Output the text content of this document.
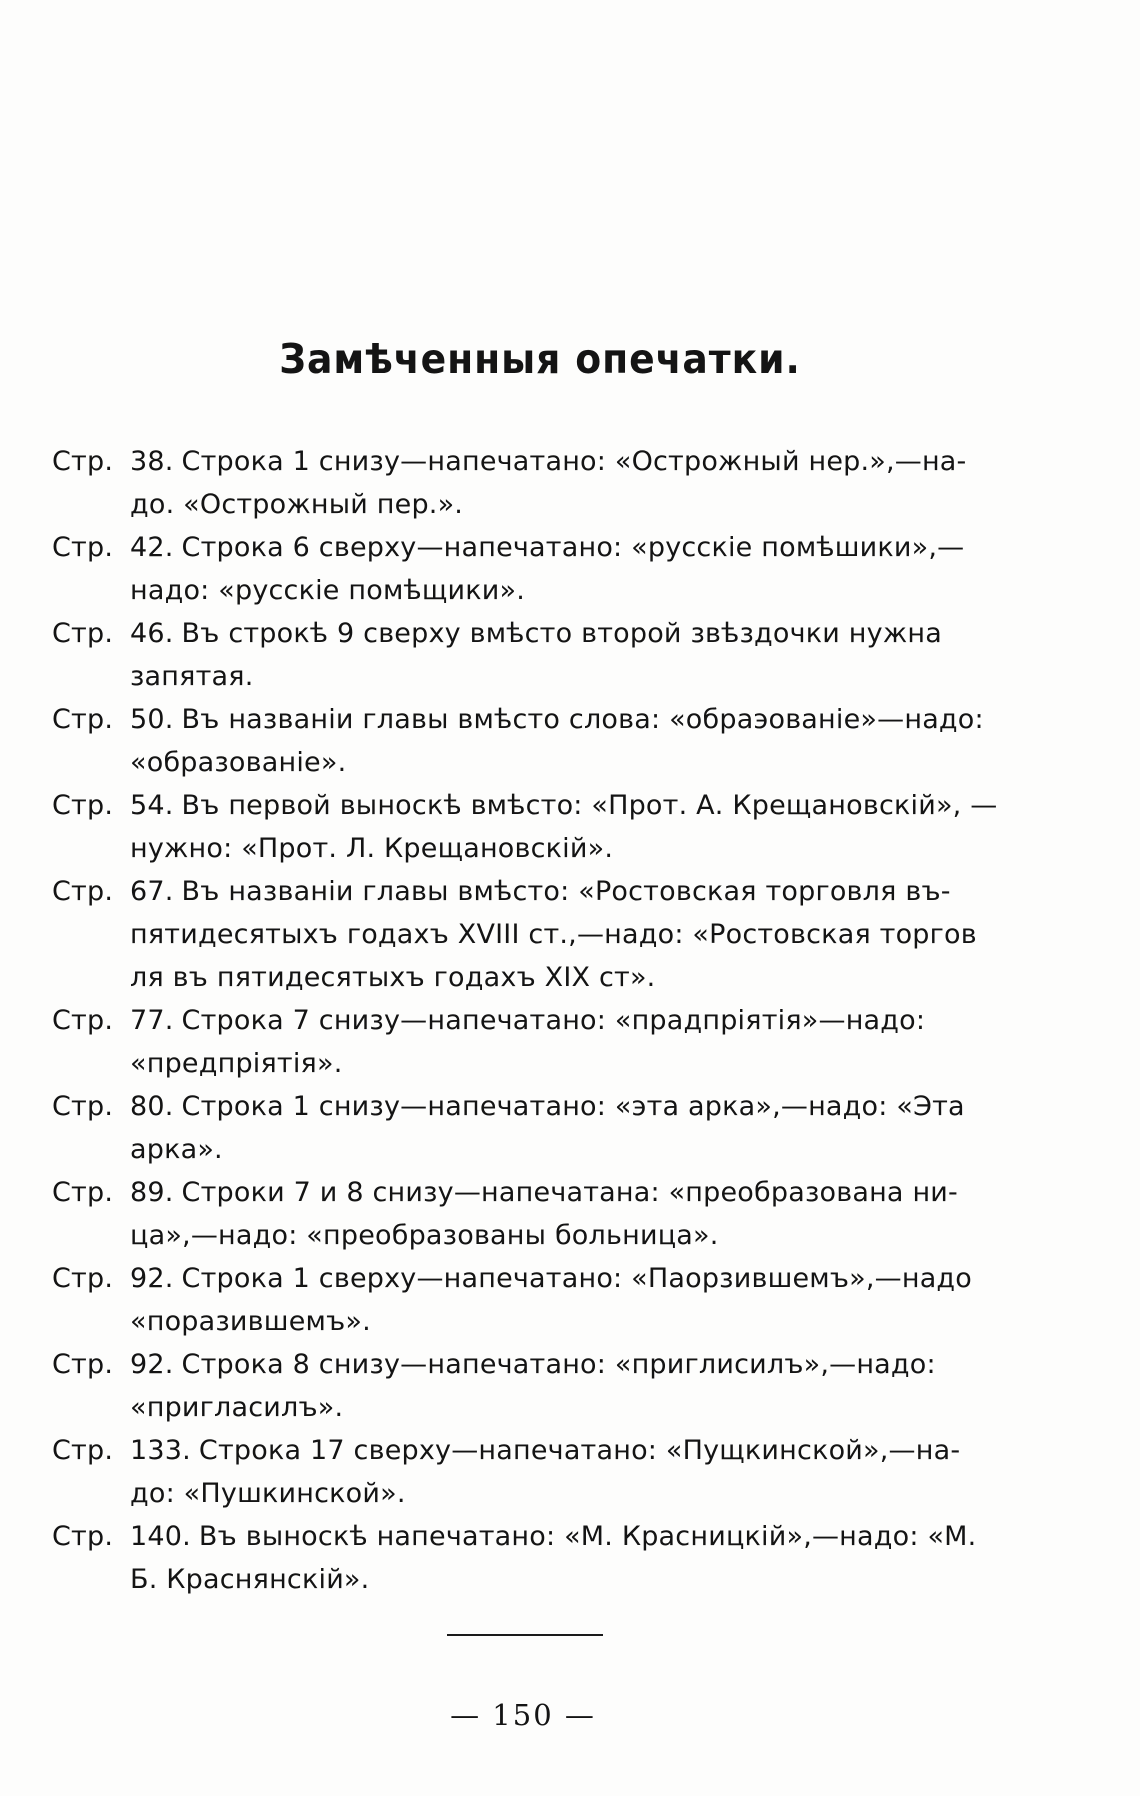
Замѣченныя опечатки.
Стр. 38. Строка 1 снизу—напечатано: «Острожный нер.»,—на- до. «Острожный пер.».
Стр. 42. Строка 6 сверху—напечатано: «русскіе помѣшики»,— надо: «русскіе помѣщики».
Стр. 46. Въ строкѣ 9 сверху вмѣсто второй звѣздочки нужна запятая.
Стр. 50. Въ названіи главы вмѣсто слова: «обраэованіе»—надо: «образованіе».
Стр. 54. Въ первой выноскѣ вмѣсто: «Прот. А. Крещановскій», —нужно: «Прот. Л. Крещановскій».
Стр. 67. Въ названіи главы вмѣсто: «Ростовская торговля въ- пятидесятыхъ годахъ XVIII ст.,—надо: «Ростовская торгов ля въ пятидесятыхъ годахъ XIX ст».
Стр. 77. Строка 7 снизу—напечатано: «прадпріятія»—надо: «предпріятія».
Стр. 80. Строка 1 снизу—напечатано: «эта арка»,—надо: «Эта арка».
Стр. 89. Строки 7 и 8 снизу—напечатана: «преобразована ни- ца»,—надо: «преобразованы больница».
Стр. 92. Строка 1 сверху—напечатано: «Паорзившемъ»,—надо «поразившемъ».
Стр. 92. Строка 8 снизу—напечатано: «приглисилъ»,—надо: «пригласилъ».
Стр. 133. Строка 17 сверху—напечатано: «Пущкинской»,—на- до: «Пушкинской».
Стр. 140. Въ выноскѣ напечатано: «М. Красницкій»,—надо: «М. Б. Краснянскій».
— 150 —
